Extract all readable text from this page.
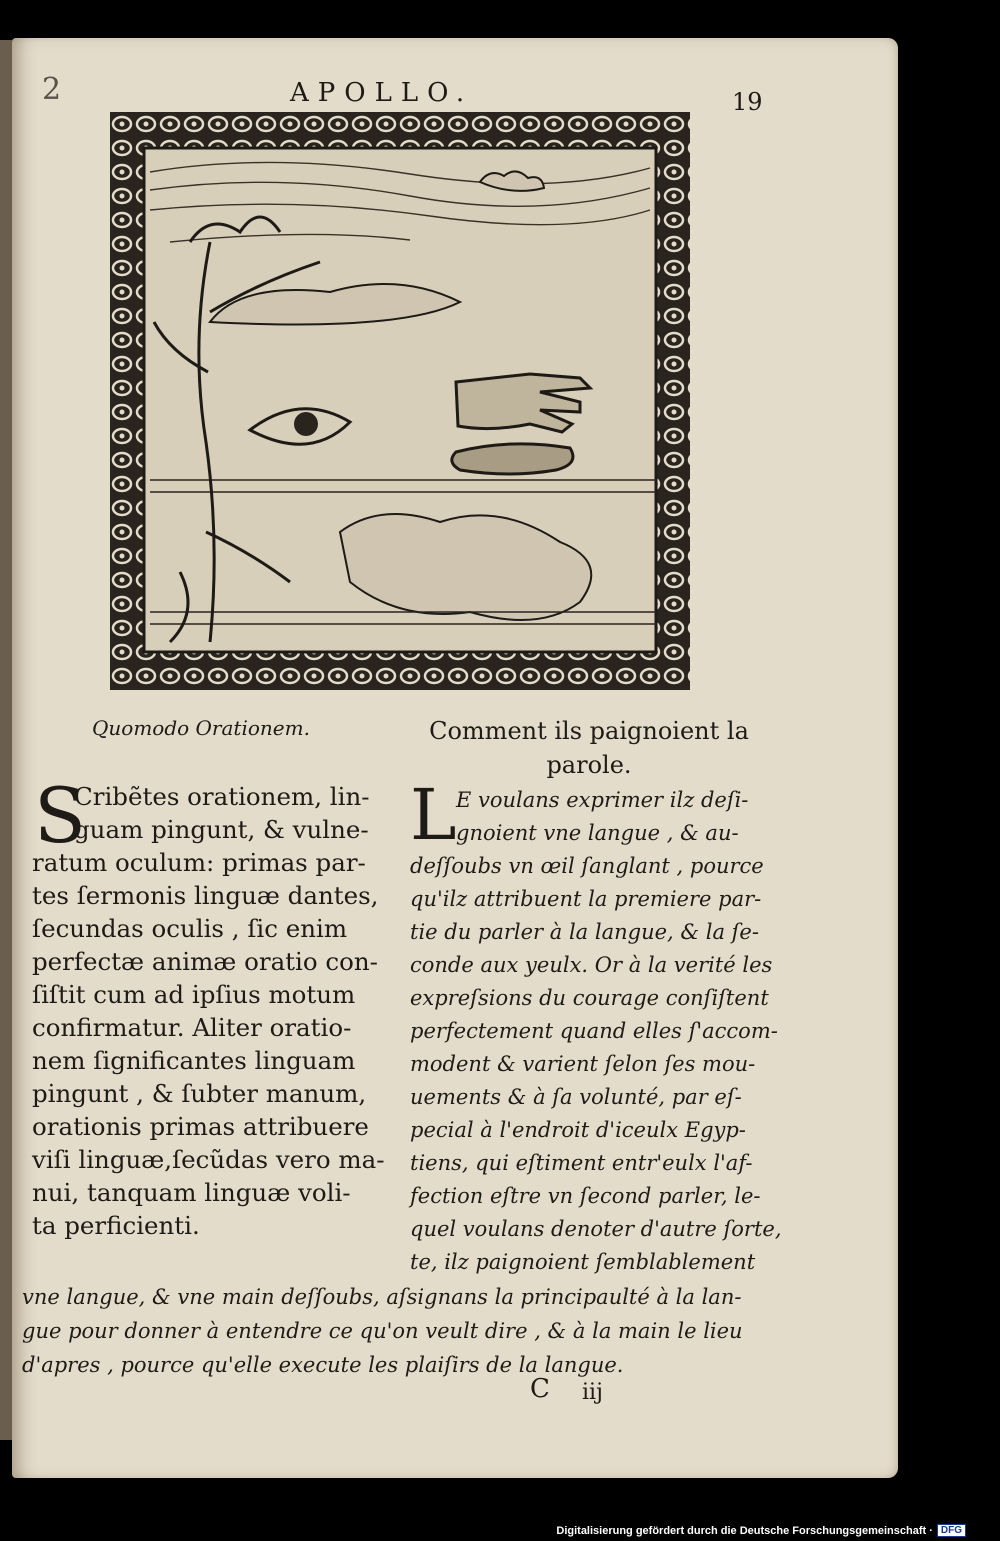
2	APOLLO.	19
Quomodo Orationem.	Comment ils paignoient la parole.
S
Cribẽtes orationem, lin-
guam pingunt, & vulne-
ratum oculum: primas par-
tes ſermonis linguæ dantes,
ſecundas oculis , ſic enim
perfectæ animæ oratio con-
ſiſtit cum ad ipſius motum
confirmatur. Aliter oratio-
nem ſignificantes linguam
pingunt , & ſubter manum,
orationis primas attribuere
viſi linguæ,ſecũdas vero ma-
nui, tanquam linguæ voli-
ta perficienti.
L E voulans exprimer ilz deſi-
gnoient vne langue , & au-
deſſoubs vn œil ſanglant , pource
qu'ilz attribuent la premiere par-
tie du parler à la langue, & la ſe-
conde aux yeulx. Or à la verité les
expreſsions du courage conſiſtent
perfectement quand elles ſ'accom-
modent & varient ſelon ſes mou-
uements & à ſa volunté, par eſ-
pecial à l'endroit d'iceulx Egyp-
tiens, qui eſtiment entr'eulx l'af-
fection eſtre vn ſecond parler, le-
quel voulans denoter d'autre ſorte,
te, ilz paignoient ſemblablement
vne langue, & vne main deſſoubs, aſsignans la principaulté à la lan-
gue pour donner à entendre ce qu'on veult dire , & à la main le lieu
d'apres , pource qu'elle execute les plaiſirs de la langue.
C iij
Digitalisierung gefördert durch die Deutsche Forschungsgemeinschaft · DFG
